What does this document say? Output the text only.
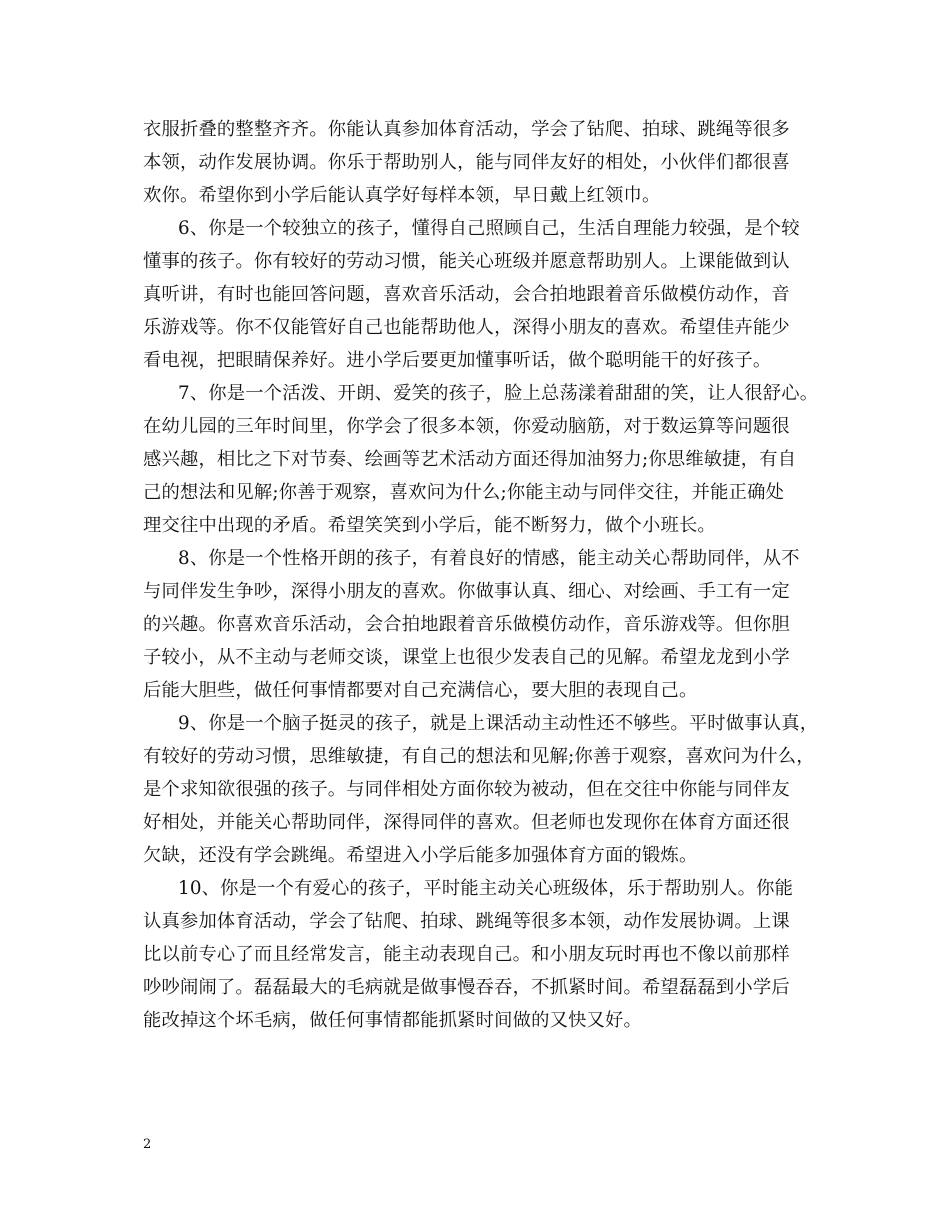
衣服折叠的整整齐齐。你能认真参加体育活动，学会了钻爬、拍球、跳绳等很多
本领，动作发展协调。你乐于帮助别人，能与同伴友好的相处，小伙伴们都很喜
欢你。希望你到小学后能认真学好每样本领，早日戴上红领巾。
6、你是一个较独立的孩子，懂得自己照顾自己，生活自理能力较强，是个较
懂事的孩子。你有较好的劳动习惯，能关心班级并愿意帮助别人。上课能做到认
真听讲，有时也能回答问题，喜欢音乐活动，会合拍地跟着音乐做模仿动作，音
乐游戏等。你不仅能管好自己也能帮助他人，深得小朋友的喜欢。希望佳卉能少
看电视，把眼睛保养好。进小学后要更加懂事听话，做个聪明能干的好孩子。
7、你是一个活泼、开朗、爱笑的孩子，脸上总荡漾着甜甜的笑，让人很舒心。
在幼儿园的三年时间里，你学会了很多本领，你爱动脑筋，对于数运算等问题很
感兴趣，相比之下对节奏、绘画等艺术活动方面还得加油努力;你思维敏捷，有自
己的想法和见解;你善于观察，喜欢问为什么;你能主动与同伴交往，并能正确处
理交往中出现的矛盾。希望笑笑到小学后，能不断努力，做个小班长。
8、你是一个性格开朗的孩子，有着良好的情感，能主动关心帮助同伴，从不
与同伴发生争吵，深得小朋友的喜欢。你做事认真、细心、对绘画、手工有一定
的兴趣。你喜欢音乐活动，会合拍地跟着音乐做模仿动作，音乐游戏等。但你胆
子较小，从不主动与老师交谈，课堂上也很少发表自己的见解。希望龙龙到小学
后能大胆些，做任何事情都要对自己充满信心，要大胆的表现自己。
9、你是一个脑子挺灵的孩子，就是上课活动主动性还不够些。平时做事认真，
有较好的劳动习惯，思维敏捷，有自己的想法和见解;你善于观察，喜欢问为什么，
是个求知欲很强的孩子。与同伴相处方面你较为被动，但在交往中你能与同伴友
好相处，并能关心帮助同伴，深得同伴的喜欢。但老师也发现你在体育方面还很
欠缺，还没有学会跳绳。希望进入小学后能多加强体育方面的锻炼。
10、你是一个有爱心的孩子，平时能主动关心班级体，乐于帮助别人。你能
认真参加体育活动，学会了钻爬、拍球、跳绳等很多本领，动作发展协调。上课
比以前专心了而且经常发言，能主动表现自己。和小朋友玩时再也不像以前那样
吵吵闹闹了。磊磊最大的毛病就是做事慢吞吞，不抓紧时间。希望磊磊到小学后
能改掉这个坏毛病，做任何事情都能抓紧时间做的又快又好。
2
